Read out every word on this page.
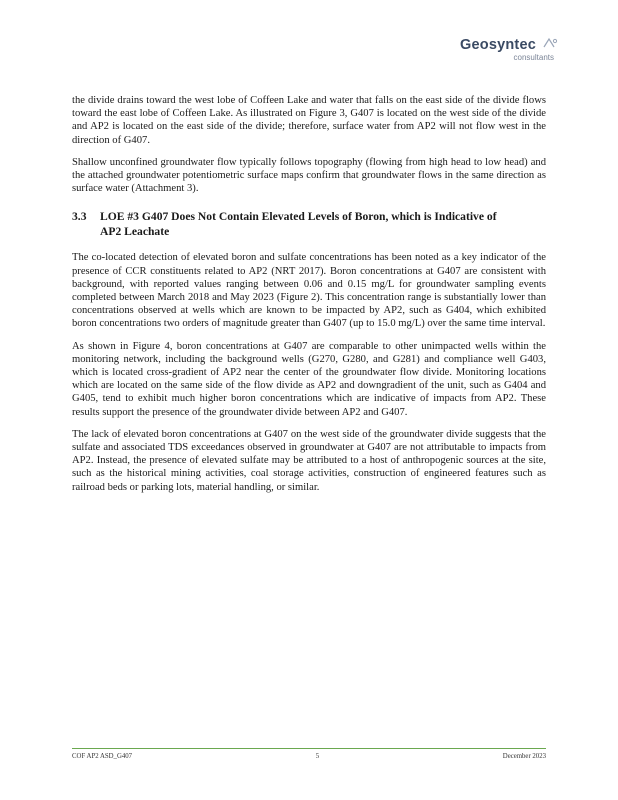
Geosyntec
consultants

the divide drains toward the west lobe of Coffeen Lake and water that falls on the east side of the divide flows toward the east lobe of Coffeen Lake. As illustrated on Figure 3, G407 is located on the west side of the divide and AP2 is located on the east side of the divide; therefore, surface water from AP2 will not flow west in the direction of G407.

Shallow unconfined groundwater flow typically follows topography (flowing from high head to low head) and the attached groundwater potentiometric surface maps confirm that groundwater flows in the same direction as surface water (Attachment 3).

3.3	LOE #3 G407 Does Not Contain Elevated Levels of Boron, which is Indicative of AP2 Leachate

The co-located detection of elevated boron and sulfate concentrations has been noted as a key indicator of the presence of CCR constituents related to AP2 (NRT 2017). Boron concentrations at G407 are consistent with background, with reported values ranging between 0.06 and 0.15 mg/L for groundwater sampling events completed between March 2018 and May 2023 (Figure 2). This concentration range is substantially lower than concentrations observed at wells which are known to be impacted by AP2, such as G404, which exhibited boron concentrations two orders of magnitude greater than G407 (up to 15.0 mg/L) over the same time interval.

As shown in Figure 4, boron concentrations at G407 are comparable to other unimpacted wells within the monitoring network, including the background wells (G270, G280, and G281) and compliance well G403, which is located cross-gradient of AP2 near the center of the groundwater flow divide. Monitoring locations which are located on the same side of the flow divide as AP2 and downgradient of the unit, such as G404 and G405, tend to exhibit much higher boron concentrations which are indicative of impacts from AP2. These results support the presence of the groundwater divide between AP2 and G407.

The lack of elevated boron concentrations at G407 on the west side of the groundwater divide suggests that the sulfate and associated TDS exceedances observed in groundwater at G407 are not attributable to impacts from AP2. Instead, the presence of elevated sulfate may be attributed to a host of anthropogenic sources at the site, such as the historical mining activities, coal storage activities, construction of engineered features such as railroad beds or parking lots, material handling, or similar.

COF AP2 ASD_G407	5	December 2023
